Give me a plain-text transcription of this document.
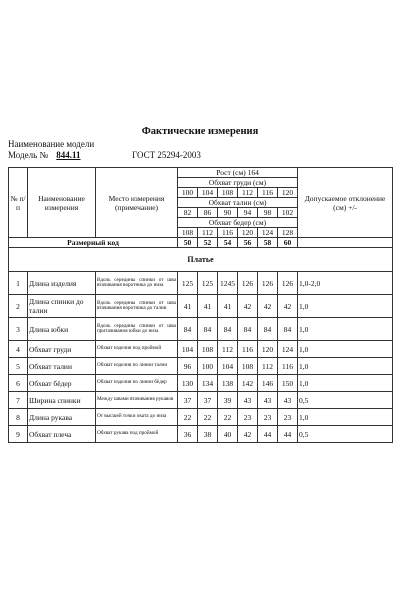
Фактические измерения
Наименование модели
Модель № 844.11	ГОСТ 25294-2003
№ п/п	Наименование измерения	Место измерения (примечание)	Рост (см) 164						Допускаемое отклонение (см) +/-
			Обхват груди (см)						
			100	104	108	112	116	120	
			Обхват талии (см)						
			82	86	90	94	98	102	
			Обхват бедер (см)						
			108	112	116	120	124	128	
Размерный код			50	52	54	56	58	60	
Платье									
1	Длина изделия	Вдоль середины спинки от шва втачивания воротника до низа	125	125	1245	126	126	126	1,0-2,0
2	Длина спинки до талии	Вдоль середины спинки от шва втачивания воротника до талии	41	41	41	42	42	42	1,0
3	Длина юбки	Вдоль середины спинки от шва притачивания юбки до низа	84	84	84	84	84	84	1,0
4	Обхват груди	Обхват изделия под проймой	104	108	112	116	120	124	1,0
5	Обхват талии	Обхват изделия по линии талии	96	100	104	108	112	116	1,0
6	Обхват бёдер	Обхват изделия по линии бёдер	130	134	138	142	146	150	1,0
7	Ширина спинки	Между швами втачивания рукавов	37	37	39	43	43	43	0,5
8	Длина рукава	От высшей точки оката до низа	22	22	22	23	23	23	1,0
9	Обхват плеча	Обхват рукава под проймой	36	38	40	42	44	44	0,5
